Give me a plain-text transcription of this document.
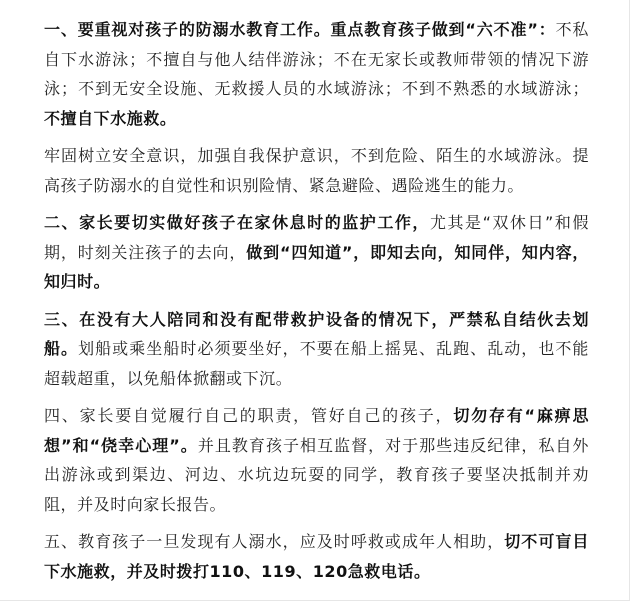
一、要重视对孩子的防溺水教育工作。重点教育孩子做到“六不准”：不私自下水游泳；不擅自与他人结伴游泳；不在无家长或教师带领的情况下游泳；不到无安全设施、无救援人员的水域游泳；不到不熟悉的水域游泳；不擅自下水施救。

牢固树立安全意识，加强自我保护意识，不到危险、陌生的水域游泳。提高孩子防溺水的自觉性和识别险情、紧急避险、遇险逃生的能力。

二、家长要切实做好孩子在家休息时的监护工作，尤其是“双休日”和假期，时刻关注孩子的去向，做到“四知道”，即知去向，知同伴，知内容，知归时。

三、在没有大人陪同和没有配带救护设备的情况下，严禁私自结伙去划船。划船或乘坐船时必须要坐好，不要在船上摇晃、乱跑、乱动，也不能超载超重，以免船体掀翻或下沉。

四、家长要自觉履行自己的职责，管好自己的孩子，切勿存有“麻痹思想”和“侥幸心理”。并且教育孩子相互监督，对于那些违反纪律，私自外出游泳或到渠边、河边、水坑边玩耍的同学，教育孩子要坚决抵制并劝阻，并及时向家长报告。

五、教育孩子一旦发现有人溺水，应及时呼救或成年人相助，切不可盲目下水施救，并及时拨打110、119、120急救电话。
